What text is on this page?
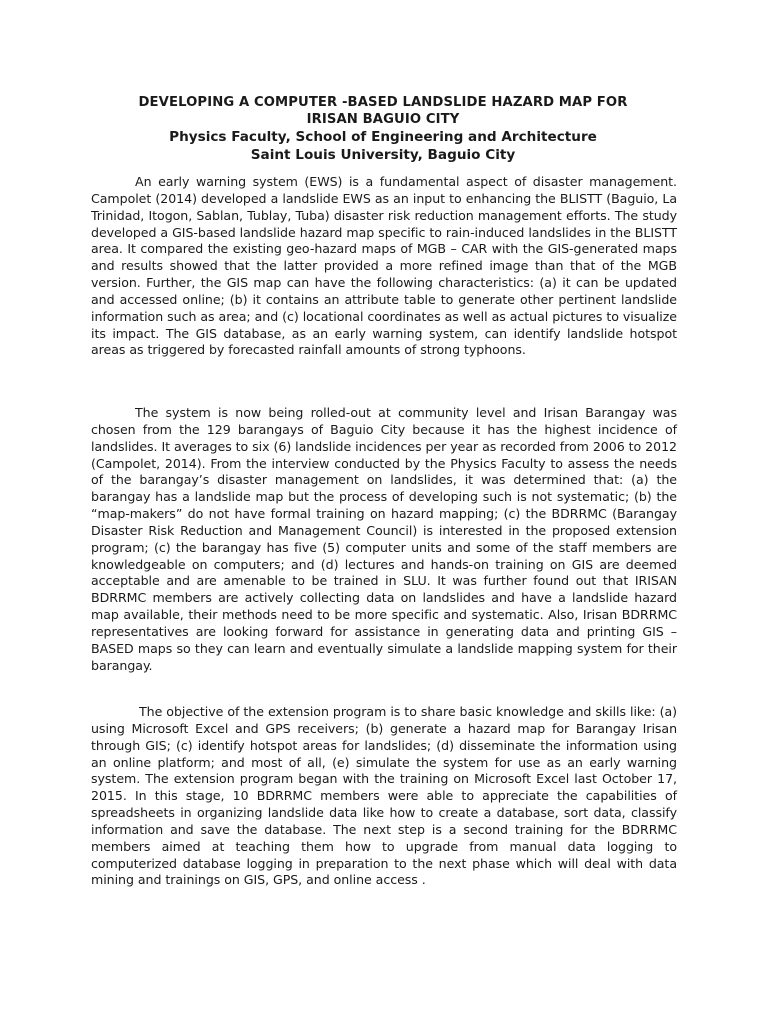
DEVELOPING A COMPUTER -BASED LANDSLIDE HAZARD MAP FOR

IRISAN BAGUIO CITY

Physics Faculty, School of Engineering and Architecture

Saint Louis University, Baguio City

An early warning system (EWS) is a fundamental aspect of disaster management. Campolet (2014) developed a landslide EWS as an input to enhancing the BLISTT (Baguio, La Trinidad, Itogon, Sablan, Tublay, Tuba) disaster risk reduction management efforts. The study developed a GIS-based landslide hazard map specific to rain-induced landslides in the BLISTT area. It compared the existing geo-hazard maps of MGB – CAR with the GIS-generated maps and results showed that the latter provided a more refined image than that of the MGB version. Further, the GIS map can have the following characteristics: (a) it can be updated and accessed online; (b) it contains an attribute table to generate other pertinent landslide information such as area; and (c) locational coordinates as well as actual pictures to visualize its impact. The GIS database, as an early warning system, can identify landslide hotspot areas as triggered by forecasted rainfall amounts of strong typhoons.

The system is now being rolled-out at community level and Irisan Barangay was chosen from the 129 barangays of Baguio City because it has the highest incidence of landslides. It averages to six (6) landslide incidences per year as recorded from 2006 to 2012 (Campolet, 2014). From the interview conducted by the Physics Faculty to assess the needs of the barangay’s disaster management on landslides, it was determined that: (a) the barangay has a landslide map but the process of developing such is not systematic; (b) the “map-makers” do not have formal training on hazard mapping; (c) the BDRRMC (Barangay Disaster Risk Reduction and Management Council) is interested in the proposed extension program; (c) the barangay has five (5) computer units and some of the staff members are knowledgeable on computers; and (d) lectures and hands-on training on GIS are deemed acceptable and are amenable to be trained in SLU. It was further found out that IRISAN BDRRMC members are actively collecting data on landslides and have a landslide hazard map available, their methods need to be more specific and systematic. Also, Irisan BDRRMC representatives are looking forward for assistance in generating data and printing GIS –BASED maps so they can learn and eventually simulate a landslide mapping system for their barangay.

The objective of the extension program is to share basic knowledge and skills like: (a) using Microsoft Excel and GPS receivers; (b) generate a hazard map for Barangay Irisan through GIS; (c) identify hotspot areas for landslides; (d) disseminate the information using an online platform; and most of all, (e) simulate the system for use as an early warning system. The extension program began with the training on Microsoft Excel last October 17, 2015. In this stage, 10 BDRRMC members were able to appreciate the capabilities of spreadsheets in organizing landslide data like how to create a database, sort data, classify information and save the database. The next step is a second training for the BDRRMC members aimed at teaching them how to upgrade from manual data logging to computerized database logging in preparation to the next phase which will deal with data mining and trainings on GIS, GPS, and online access .
